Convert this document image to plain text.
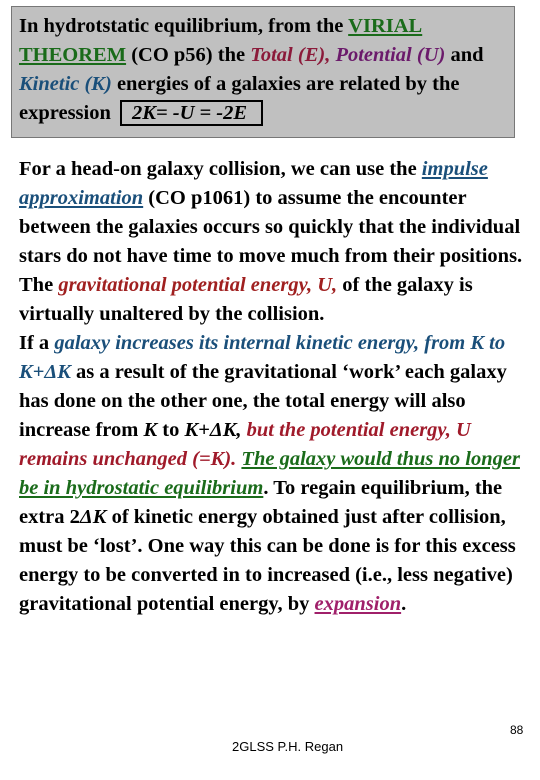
In hydrotstatic equilibrium, from the VIRIAL THEOREM (CO p56) the Total (E), Potential (U) and Kinetic (K) energies of a galaxies are related by the expression 2K= -U = -2E

For a head-on galaxy collision, we can use the impulse approximation (CO p1061) to assume the encounter between the galaxies occurs so quickly that the individual stars do not have time to move much from their positions.
The gravitational potential energy, U, of the galaxy is virtually unaltered by the collision.
If a galaxy increases its internal kinetic energy, from K to K+ΔK as a result of the gravitational ‘work’ each galaxy has done on the other one, the total energy will also increase from K to K+ΔK, but the potential energy, U remains unchanged (=K). The galaxy would thus no longer be in hydrostatic equilibrium. To regain equilibrium, the extra 2ΔK of kinetic energy obtained just after collision, must be ‘lost’. One way this can be done is for this excess energy to be converted in to increased (i.e., less negative) gravitational potential energy, by expansion.

2GLSS P.H. Regan
88
